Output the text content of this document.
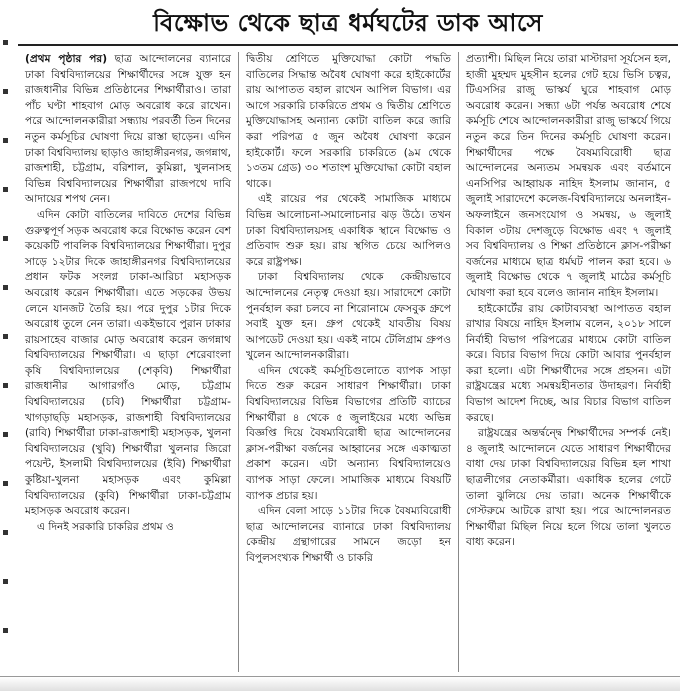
বিক্ষোভ থেকে ছাত্র ধর্মঘটের ডাক আসে

(প্রথম পৃষ্ঠার পর) ছাত্র আন্দোলনের ব্যানারে ঢাকা বিশ্ববিদ্যালয়ের শিক্ষার্থীদের সঙ্গে যুক্ত হন রাজধানীর বিভিন্ন প্রতিষ্ঠানের শিক্ষার্থীরাও। তারা পাঁচ ঘণ্টা শাহবাগ মোড় অবরোধ করে রাখেন। পরে আন্দোলনকারীরা সন্ধ্যায় পরবর্তী তিন দিনের নতুন কর্মসূচির ঘোষণা দিয়ে রাস্তা ছাড়েন। এদিন ঢাকা বিশ্ববিদ্যালয় ছাড়াও জাহাঙ্গীরনগর, জগন্নাথ, রাজশাহী, চট্টগ্রাম, বরিশাল, কুমিল্লা, খুলনাসহ বিভিন্ন বিশ্ববিদ্যালয়ের শিক্ষার্থীরা রাজপথে দাবি আদায়ের শপথ নেন।

এদিন কোটা বাতিলের দাবিতে দেশের বিভিন্ন গুরুত্বপূর্ণ সড়ক অবরোধ করে বিক্ষোভ করেন বেশ কয়েকটি পাবলিক বিশ্ববিদ্যালয়ের শিক্ষার্থীরা। দুপুর সাড়ে ১২টার দিকে জাহাঙ্গীরনগর বিশ্ববিদ্যালয়ের প্রধান ফটক সংলগ্ন ঢাকা-আরিচা মহাসড়ক অবরোধ করেন শিক্ষার্থীরা। এতে সড়কের উভয় লেনে যানজট তৈরি হয়। পরে দুপুর ১টার দিকে অবরোধ তুলে নেন তারা। একইভাবে পুরান ঢাকার রায়সাহেব বাজার মোড় অবরোধ করেন জগন্নাথ বিশ্ববিদ্যালয়ের শিক্ষার্থীরা। এ ছাড়া শেরেবাংলা কৃষি বিশ্ববিদ্যালয়ের (শেকৃবি) শিক্ষার্থীরা রাজধানীর আগারগাঁও মোড়, চট্টগ্রাম বিশ্ববিদ্যালয়ের (চবি) শিক্ষার্থীরা চট্টগ্রাম-খাগড়াছড়ি মহাসড়ক, রাজশাহী বিশ্ববিদ্যালয়ের (রাবি) শিক্ষার্থীরা ঢাকা-রাজশাহী মহাসড়ক, খুলনা বিশ্ববিদ্যালয়ের (খুবি) শিক্ষার্থীরা খুলনার জিরো পয়েন্ট, ইসলামী বিশ্ববিদ্যালয়ের (ইবি) শিক্ষার্থীরা কুষ্টিয়া-খুলনা মহাসড়ক এবং কুমিল্লা বিশ্ববিদ্যালয়ের (কুবি) শিক্ষার্থীরা ঢাকা-চট্টগ্রাম মহাসড়ক অবরোধ করেন।

এ দিনই সরকারি চাকরির প্রথম ও

দ্বিতীয় শ্রেণিতে মুক্তিযোদ্ধা কোটা পদ্ধতি বাতিলের সিদ্ধান্ত অবৈধ ঘোষণা করে হাইকোর্টের রায় আপাতত বহাল রাখেন আপিল বিভাগ। এর আগে সরকারি চাকরিতে প্রথম ও দ্বিতীয় শ্রেণিতে মুক্তিযোদ্ধাসহ অন্যান্য কোটা বাতিল করে জারি করা পরিপত্র ৫ জুন অবৈধ ঘোষণা করেন হাইকোর্ট। ফলে সরকারি চাকরিতে (৯ম থেকে ১৩তম গ্রেড) ৩০ শতাংশ মুক্তিযোদ্ধা কোটা বহাল থাকে।

এই রায়ের পর থেকেই সামাজিক মাধ্যমে বিভিন্ন আলোচনা-সমালোচনার ঝড় উঠে। তখন ঢাকা বিশ্ববিদ্যালয়সহ একাধিক স্থানে বিক্ষোভ ও প্রতিবাদ শুরু হয়। রায় স্থগিত চেয়ে আপিলও করে রাষ্ট্রপক্ষ।

ঢাকা বিশ্ববিদ্যালয় থেকে কেন্দ্রীয়ভাবে আন্দোলনের নেতৃত্ব দেওয়া হয়। সারাদেশে কোটা পুনর্বহাল করা চলবে না শিরোনামে ফেসবুক গ্রুপে সবাই যুক্ত হন। গ্রুপ থেকেই যাবতীয় বিষয় আপডেট দেওয়া হয়। একই নামে টেলিগ্রাম গ্রুপও খুলেন আন্দোলনকারীরা।

এদিন থেকেই কর্মসূচিগুলোতে ব্যাপক সাড়া দিতে শুরু করেন সাধারণ শিক্ষার্থীরা। ঢাকা বিশ্ববিদ্যালয়ের বিভিন্ন বিভাগের প্রতিটি ব্যাচের শিক্ষার্থীরা ৪ থেকে ৫ জুলাইয়ের মধ্যে অভিন্ন বিজ্ঞপ্তি দিয়ে বৈষম্যবিরোধী ছাত্র আন্দোলনের ক্লাস-পরীক্ষা বর্জনের আহ্বানের সঙ্গে একাত্মতা প্রকাশ করেন। এটা অন্যান্য বিশ্ববিদ্যালয়েও ব্যাপক সাড়া ফেলে। সামাজিক মাধ্যমে বিষয়টি ব্যাপক প্রচার হয়।

এদিন বেলা সাড়ে ১১টার দিকে বৈষম্যবিরোধী ছাত্র আন্দোলনের ব্যানারে ঢাকা বিশ্ববিদ্যালয় কেন্দ্রীয় গ্রন্থাগারের সামনে জড়ো হন বিপুলসংখ্যক শিক্ষার্থী ও চাকরি

প্রত্যাশী। মিছিল নিয়ে তারা মাস্টারদা সূর্যসেন হল, হাজী মুহম্মদ মুহসীন হলের গেট হয়ে ভিসি চত্বর, টিএসসির রাজু ভাস্কর্য ঘুরে শাহবাগ মোড় অবরোধ করেন। সন্ধ্যা ৬টা পর্যন্ত অবরোধ শেষে কর্মসূচি শেষে আন্দোলনকারীরা রাজু ভাস্কর্যে গিয়ে নতুন করে তিন দিনের কর্মসূচি ঘোষণা করেন। শিক্ষার্থীদের পক্ষে বৈষম্যবিরোধী ছাত্র আন্দোলনের অন্যতম সমন্বয়ক এবং বর্তমানে এনসিপির আহ্বায়ক নাহিদ ইসলাম জানান, ৫ জুলাই সারাদেশে কলেজ-বিশ্ববিদ্যালয়ে অনলাইন-অফলাইনে জনসংযোগ ও সমন্বয়, ৬ জুলাই বিকাল ৩টায় দেশজুড়ে বিক্ষোভ এবং ৭ জুলাই সব বিশ্ববিদ্যালয় ও শিক্ষা প্রতিষ্ঠানে ক্লাস-পরীক্ষা বর্জনের মাধ্যমে ছাত্র ধর্মঘট পালন করা হবে। ৬ জুলাই বিক্ষোভ থেকে ৭ জুলাই মাঠের কর্মসূচি ঘোষণা করা হবে বলেও জানান নাহিদ ইসলাম।

হাইকোর্টের রায় কোটাব্যবস্থা আপাতত বহাল রাখার বিষয়ে নাহিদ ইসলাম বলেন, ২০১৮ সালে নির্বাহী বিভাগ পরিপত্রের মাধ্যমে কোটা বাতিল করে। বিচার বিভাগ দিয়ে কোটা আবার পুনর্বহাল করা হলো। এটা শিক্ষার্থীদের সঙ্গে প্রহসন। এটা রাষ্ট্রযন্ত্রের মধ্যে সমন্বয়হীনতার উদাহরণ। নির্বাহী বিভাগ আদেশ দিচ্ছে, আর বিচার বিভাগ বাতিল করছে।

রাষ্ট্রযন্ত্রের অন্তর্দ্বন্দ্বে শিক্ষার্থীদের সম্পর্ক নেই। ৪ জুলাই আন্দোলনে যেতে সাধারণ শিক্ষার্থীদের বাধা দেয় ঢাকা বিশ্ববিদ্যালয়ের বিভিন্ন হল শাখা ছাত্রলীগের নেতাকর্মীরা। একাধিক হলের গেটে তালা ঝুলিয়ে দেয় তারা। অনেক শিক্ষার্থীকে গেস্টরুমে আটকে রাখা হয়। পরে আন্দোলনরত শিক্ষার্থীরা মিছিল নিয়ে হলে গিয়ে তালা খুলতে বাধ্য করেন।
